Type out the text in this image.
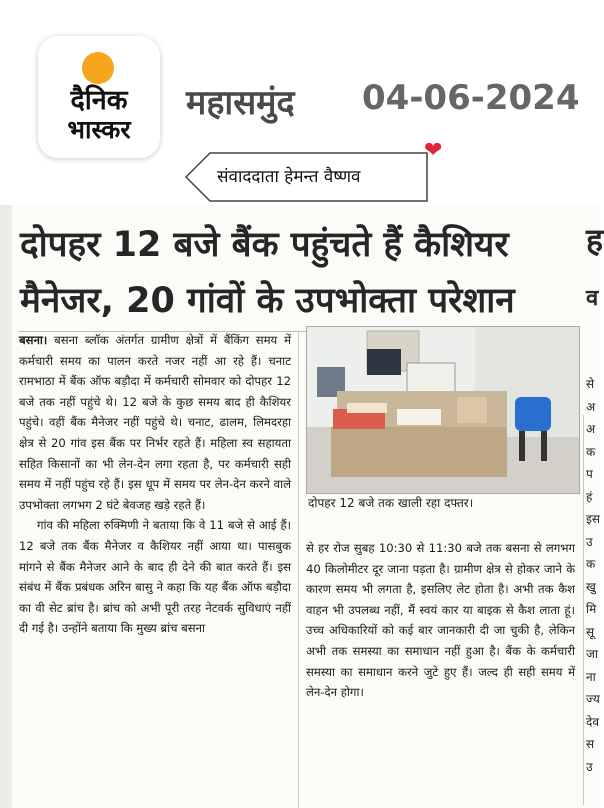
दैनिक
भास्कर
महासमुंद 04-06-2024
संवाददाता हेमन्त वैष्णव
❤
दोपहर 12 बजे बैंक पहुंचते हैं कैशियर
मैनेजर, 20 गांवों के उपभोक्ता परेशान
बसना। बसना ब्लॉक अंतर्गत ग्रामीण क्षेत्रों में बैंकिंग समय में कर्मचारी समय का पालन करते नजर नहीं आ रहे हैं। चनाट रामभाठा में बैंक ऑफ बड़ौदा में कर्मचारी सोमवार को दोपहर 12 बजे तक नहीं पहुंचे थे। 12 बजे के कुछ समय बाद ही कैशियर पहुंचे। वहीं बैंक मैनेजर नहीं पहुंचे थे। चनाट, ढालम, लिमदरहा क्षेत्र से 20 गांव इस बैंक पर निर्भर रहते हैं। महिला स्व सहायता सहित किसानों का भी लेन-देन लगा रहता है, पर कर्मचारी सही समय में नहीं पहुंच रहे हैं। इस धूप में समय पर लेन-देन करने वाले उपभोक्ता लगभग 2 घंटे बेवजह खड़े रहते हैं।
गांव की महिला रुक्मिणी ने बताया कि वे 11 बजे से आई हैं। 12 बजे तक बैंक मैनेजर व कैशियर नहीं आया था। पासबुक मांगने से बैंक मैनेजर आने के बाद ही देने की बात करते हैं। इस संबंध में बैंक प्रबंधक अरिन बासु ने कहा कि यह बैंक ऑफ बड़ौदा का वी सेट ब्रांच है। ब्रांच को अभी पूरी तरह नेटवर्क सुविधाएं नहीं दी गई है। उन्होंने बताया कि मुख्य ब्रांच बसना
दोपहर 12 बजे तक खाली रहा दफ्तर।
से हर रोज सुबह 10:30 से 11:30 बजे तक बसना से लगभग 40 किलोमीटर दूर जाना पड़ता है। ग्रामीण क्षेत्र से होकर जाने के कारण समय भी लगता है, इसलिए लेट होता है। अभी तक कैश वाहन भी उपलब्ध नहीं, मैं स्वयं कार या बाइक से कैश लाता हूं। उच्च अधिकारियों को कई बार जानकारी दी जा चुकी है, लेकिन अभी तक समस्या का समाधान नहीं हुआ है। बैंक के कर्मचारी समस्या का समाधान करने जुटे हुए हैं। जल्द ही सही समय में लेन-देन होगा।
ह
व
से
अ
अ
क
प
हं
इस
उ
क
खु
मि
सू
जा
ना
ज्य
देव
स
उ
